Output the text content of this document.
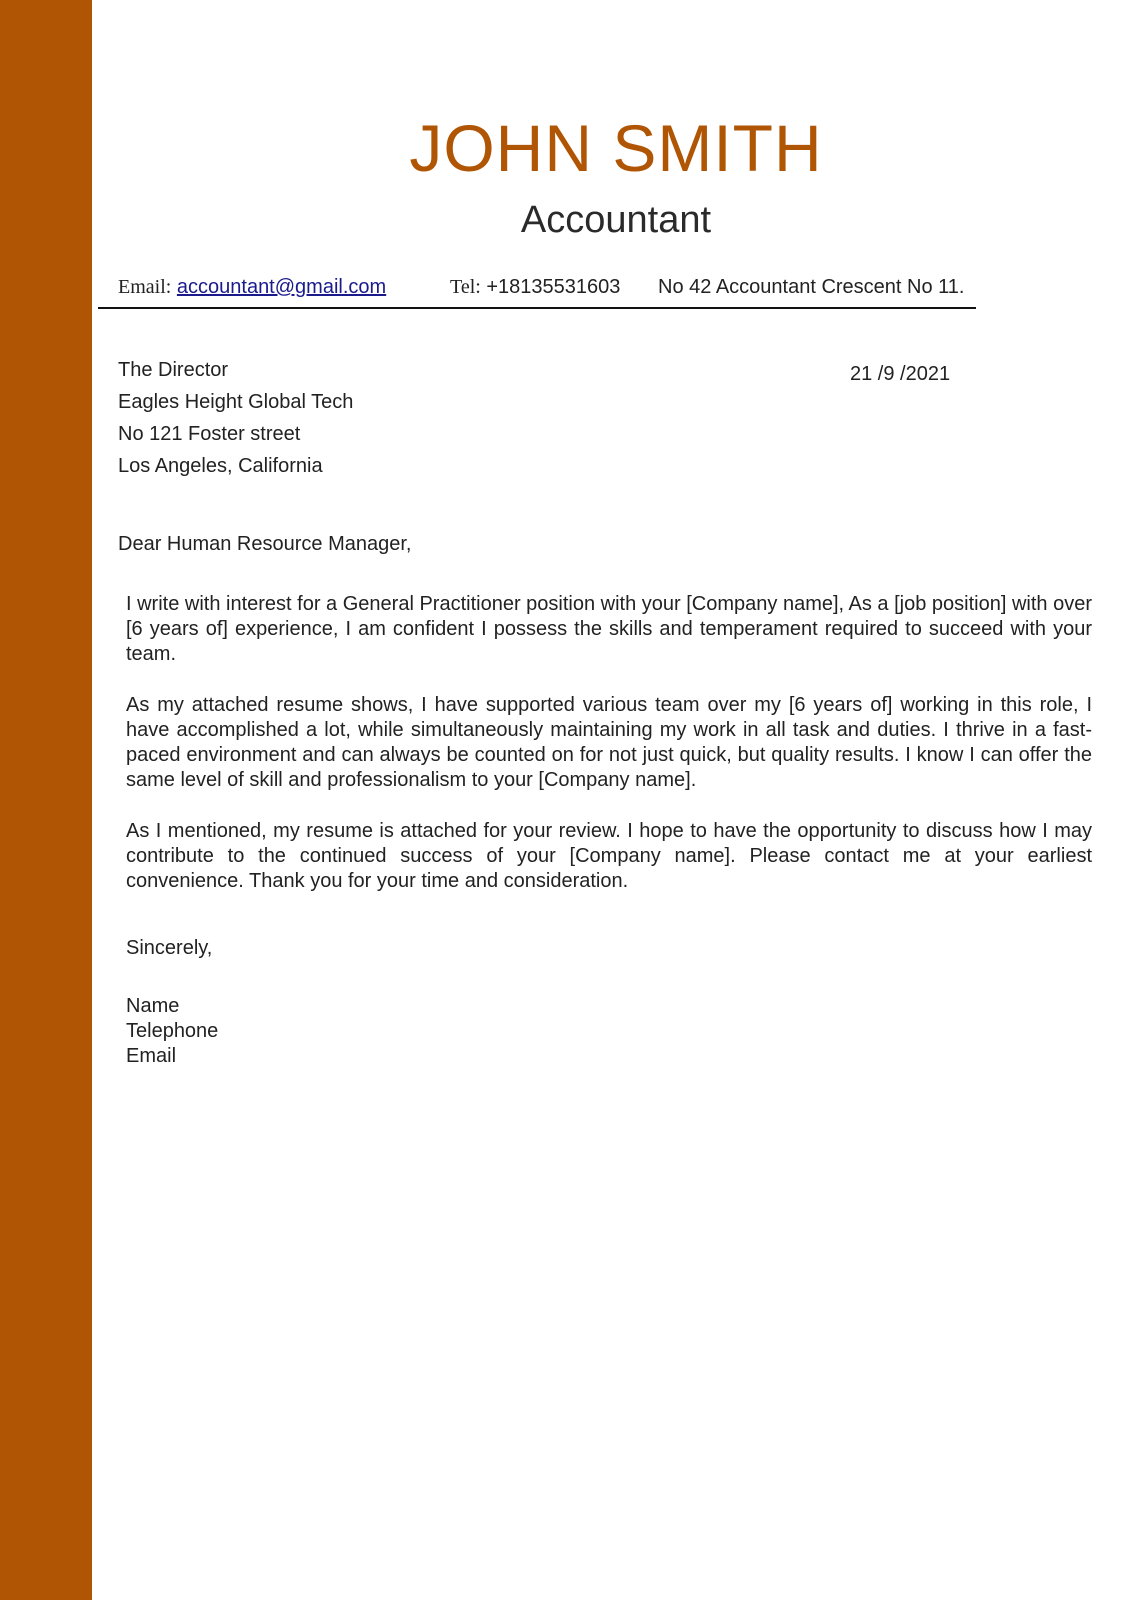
JOHN SMITH
Accountant
Email: accountant@gmail.com	Tel: +18135531603 No 42 Accountant Crescent No 11.
The Director
Eagles Height Global Tech
No 121 Foster street
Los Angeles, California
21 /9 /2021
Dear Human Resource Manager,

I write with interest for a General Practitioner position with your [Company name], As a [job position] with over [6 years of] experience, I am confident I possess the skills and temperament required to succeed with your team.

As my attached resume shows, I have supported various team over my [6 years of] working in this role, I have accomplished a lot, while simultaneously maintaining my work in all task and duties. I thrive in a fast-paced environment and can always be counted on for not just quick, but quality results. I know I can offer the same level of skill and professionalism to your [Company name].

As I mentioned, my resume is attached for your review. I hope to have the opportunity to discuss how I may contribute to the continued success of your [Company name]. Please contact me at your earliest convenience. Thank you for your time and consideration.

Sincerely,
Name
Telephone
Email
